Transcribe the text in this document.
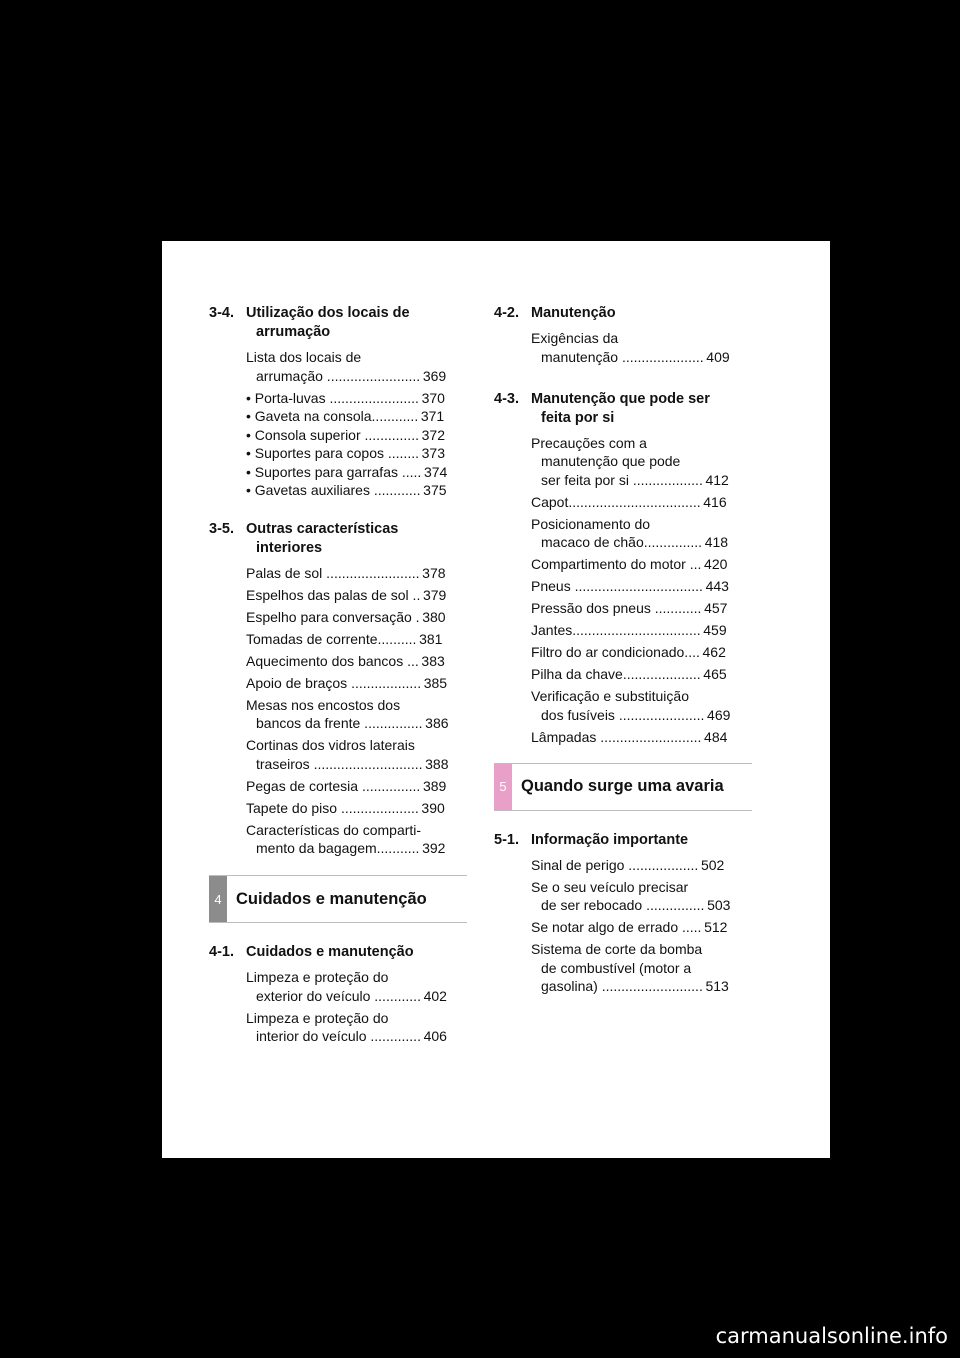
3-4. Utilização dos locais de
arrumação
Lista dos locais de
arrumação ........................ 369
• Porta-luvas ....................... 370
• Gaveta na consola............ 371
• Consola superior .............. 372
• Suportes para copos ........ 373
• Suportes para garrafas ..... 374
• Gavetas auxiliares ............ 375
3-5. Outras características
interiores
Palas de sol ........................ 378
Espelhos das palas de sol .. 379
Espelho para conversação . 380
Tomadas de corrente.......... 381
Aquecimento dos bancos ... 383
Apoio de braços .................. 385
Mesas nos encostos dos
bancos da frente ............... 386
Cortinas dos vidros laterais
traseiros ............................ 388
Pegas de cortesia ............... 389
Tapete do piso .................... 390
Características do comparti-
mento da bagagem........... 392
4 Cuidados e manutenção
4-1. Cuidados e manutenção
Limpeza e proteção do
exterior do veículo ............ 402
Limpeza e proteção do
interior do veículo ............. 406
4-2. Manutenção
Exigências da
manutenção ..................... 409
4-3. Manutenção que pode ser
feita por si
Precauções com a
manutenção que pode
ser feita por si .................. 412
Capot.................................. 416
Posicionamento do
macaco de chão............... 418
Compartimento do motor ... 420
Pneus ................................. 443
Pressão dos pneus ............ 457
Jantes................................. 459
Filtro do ar condicionado.... 462
Pilha da chave.................... 465
Verificação e substituição
dos fusíveis ...................... 469
Lâmpadas .......................... 484
5 Quando surge uma avaria
5-1. Informação importante
Sinal de perigo .................. 502
Se o seu veículo precisar
de ser rebocado ............... 503
Se notar algo de errado ..... 512
Sistema de corte da bomba
de combustível (motor a
gasolina) .......................... 513
carmanualsonline.info
